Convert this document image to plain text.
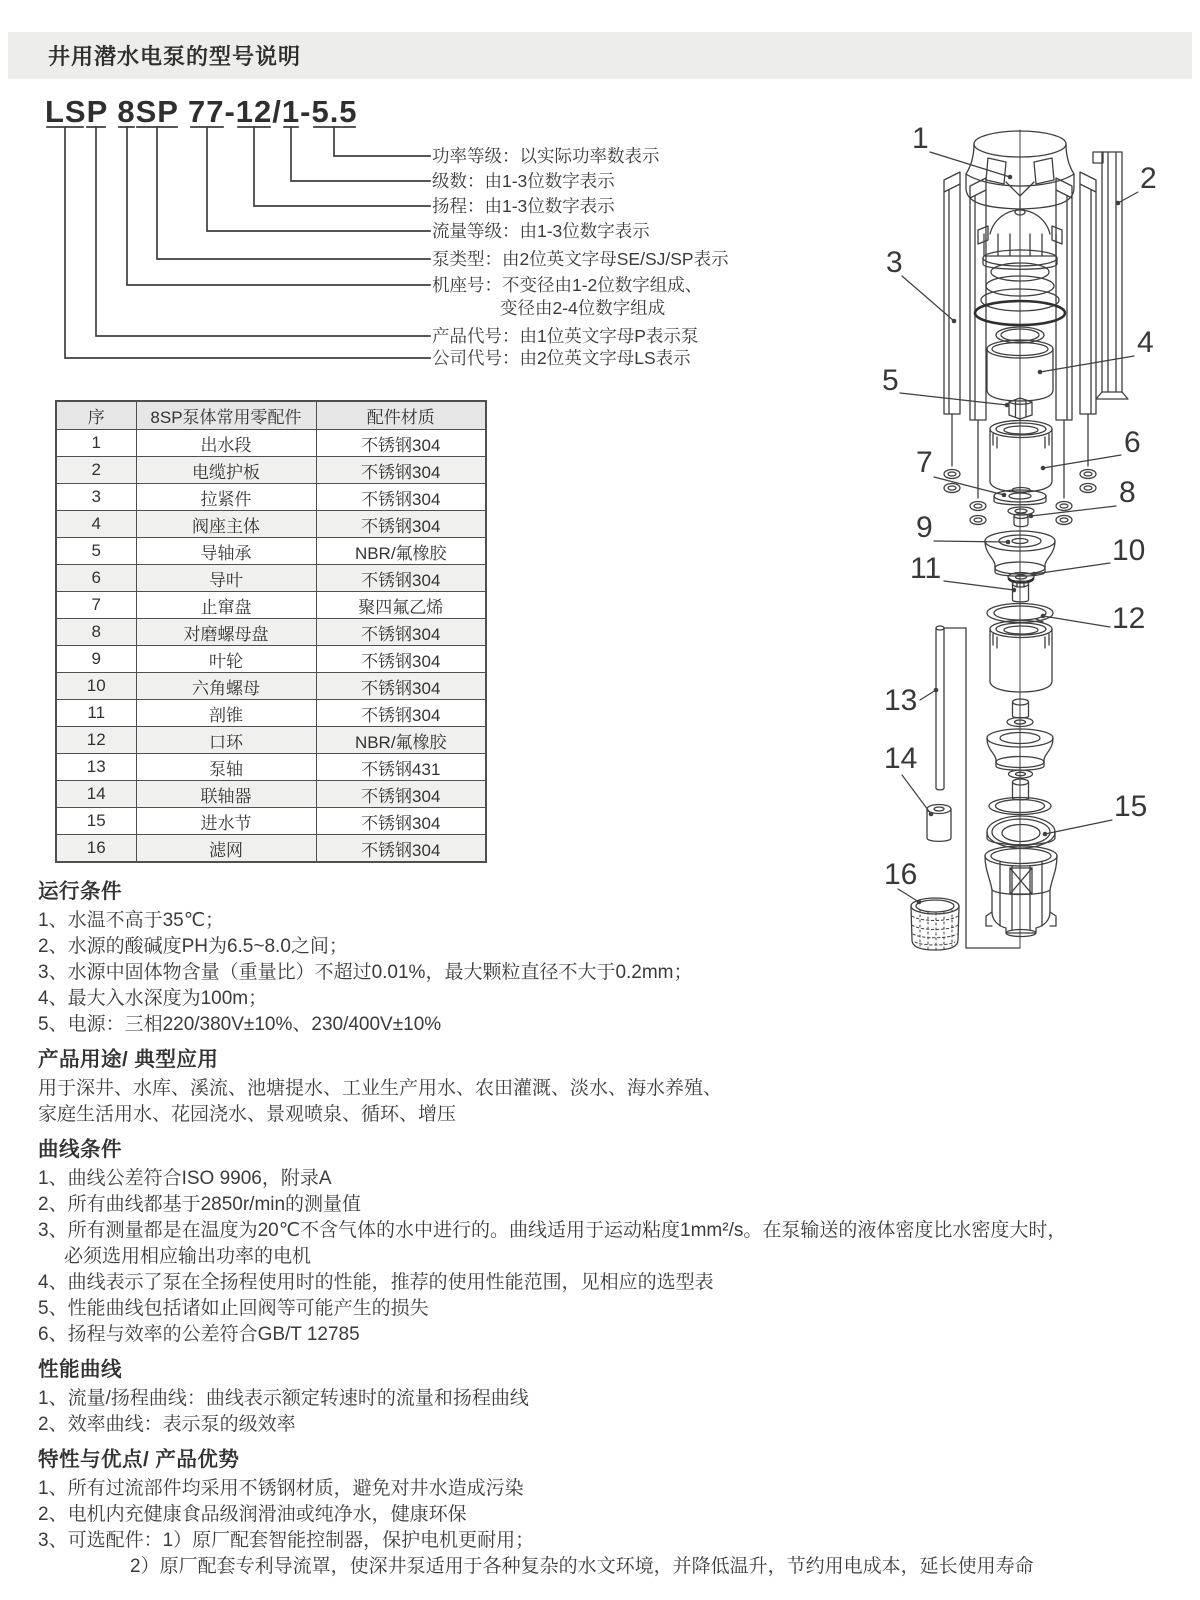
井用潜水电泵的型号说明
LSP 8SP 77-12/1-5.5
功率等级：以实际功率数表示
级数：由1-3位数字表示
扬程：由1-3位数字表示
流量等级：由1-3位数字表示
泵类型：由2位英文字母SE/SJ/SP表示
机座号：不变径由1-2位数字组成、
变径由2-4位数字组成
产品代号：由1位英文字母P表示泵
公司代号：由2位英文字母LS表示
序	8SP泵体常用零配件	配件材质
1	出水段	不锈钢304
2	电缆护板	不锈钢304
3	拉紧件	不锈钢304
4	阀座主体	不锈钢304
5	导轴承	NBR/氟橡胶
6	导叶	不锈钢304
7	止窜盘	聚四氟乙烯
8	对磨螺母盘	不锈钢304
9	叶轮	不锈钢304
10	六角螺母	不锈钢304
11	剖锥	不锈钢304
12	口环	NBR/氟橡胶
13	泵轴	不锈钢431
14	联轴器	不锈钢304
15	进水节	不锈钢304
16	滤网	不锈钢304
1
2
3
4
5
6
7
8
9
10
11
12
13
14
15
16
运行条件
1、水温不高于35℃；
2、水源的酸碱度PH为6.5~8.0之间；
3、水源中固体物含量（重量比）不超过0.01%，最大颗粒直径不大于0.2mm；
4、最大入水深度为100m；
5、电源：三相220/380V±10%、230/400V±10%
产品用途/ 典型应用
用于深井、水库、溪流、池塘提水、工业生产用水、农田灌溉、淡水、海水养殖、
家庭生活用水、花园浇水、景观喷泉、循环、增压
曲线条件
1、曲线公差符合ISO 9906，附录A
2、所有曲线都基于2850r/min的测量值
3、所有测量都是在温度为20℃不含气体的水中进行的。曲线适用于运动粘度1mm²/s。在泵输送的液体密度比水密度大时，
必须选用相应输出功率的电机
4、曲线表示了泵在全扬程使用时的性能，推荐的使用性能范围，见相应的选型表
5、性能曲线包括诸如止回阀等可能产生的损失
6、扬程与效率的公差符合GB/T 12785
性能曲线
1、流量/扬程曲线：曲线表示额定转速时的流量和扬程曲线
2、效率曲线：表示泵的级效率
特性与优点/ 产品优势
1、所有过流部件均采用不锈钢材质，避免对井水造成污染
2、电机内充健康食品级润滑油或纯净水，健康环保
3、可选配件：1）原厂配套智能控制器，保护电机更耐用；
2）原厂配套专利导流罩，使深井泵适用于各种复杂的水文环境，并降低温升，节约用电成本，延长使用寿命
